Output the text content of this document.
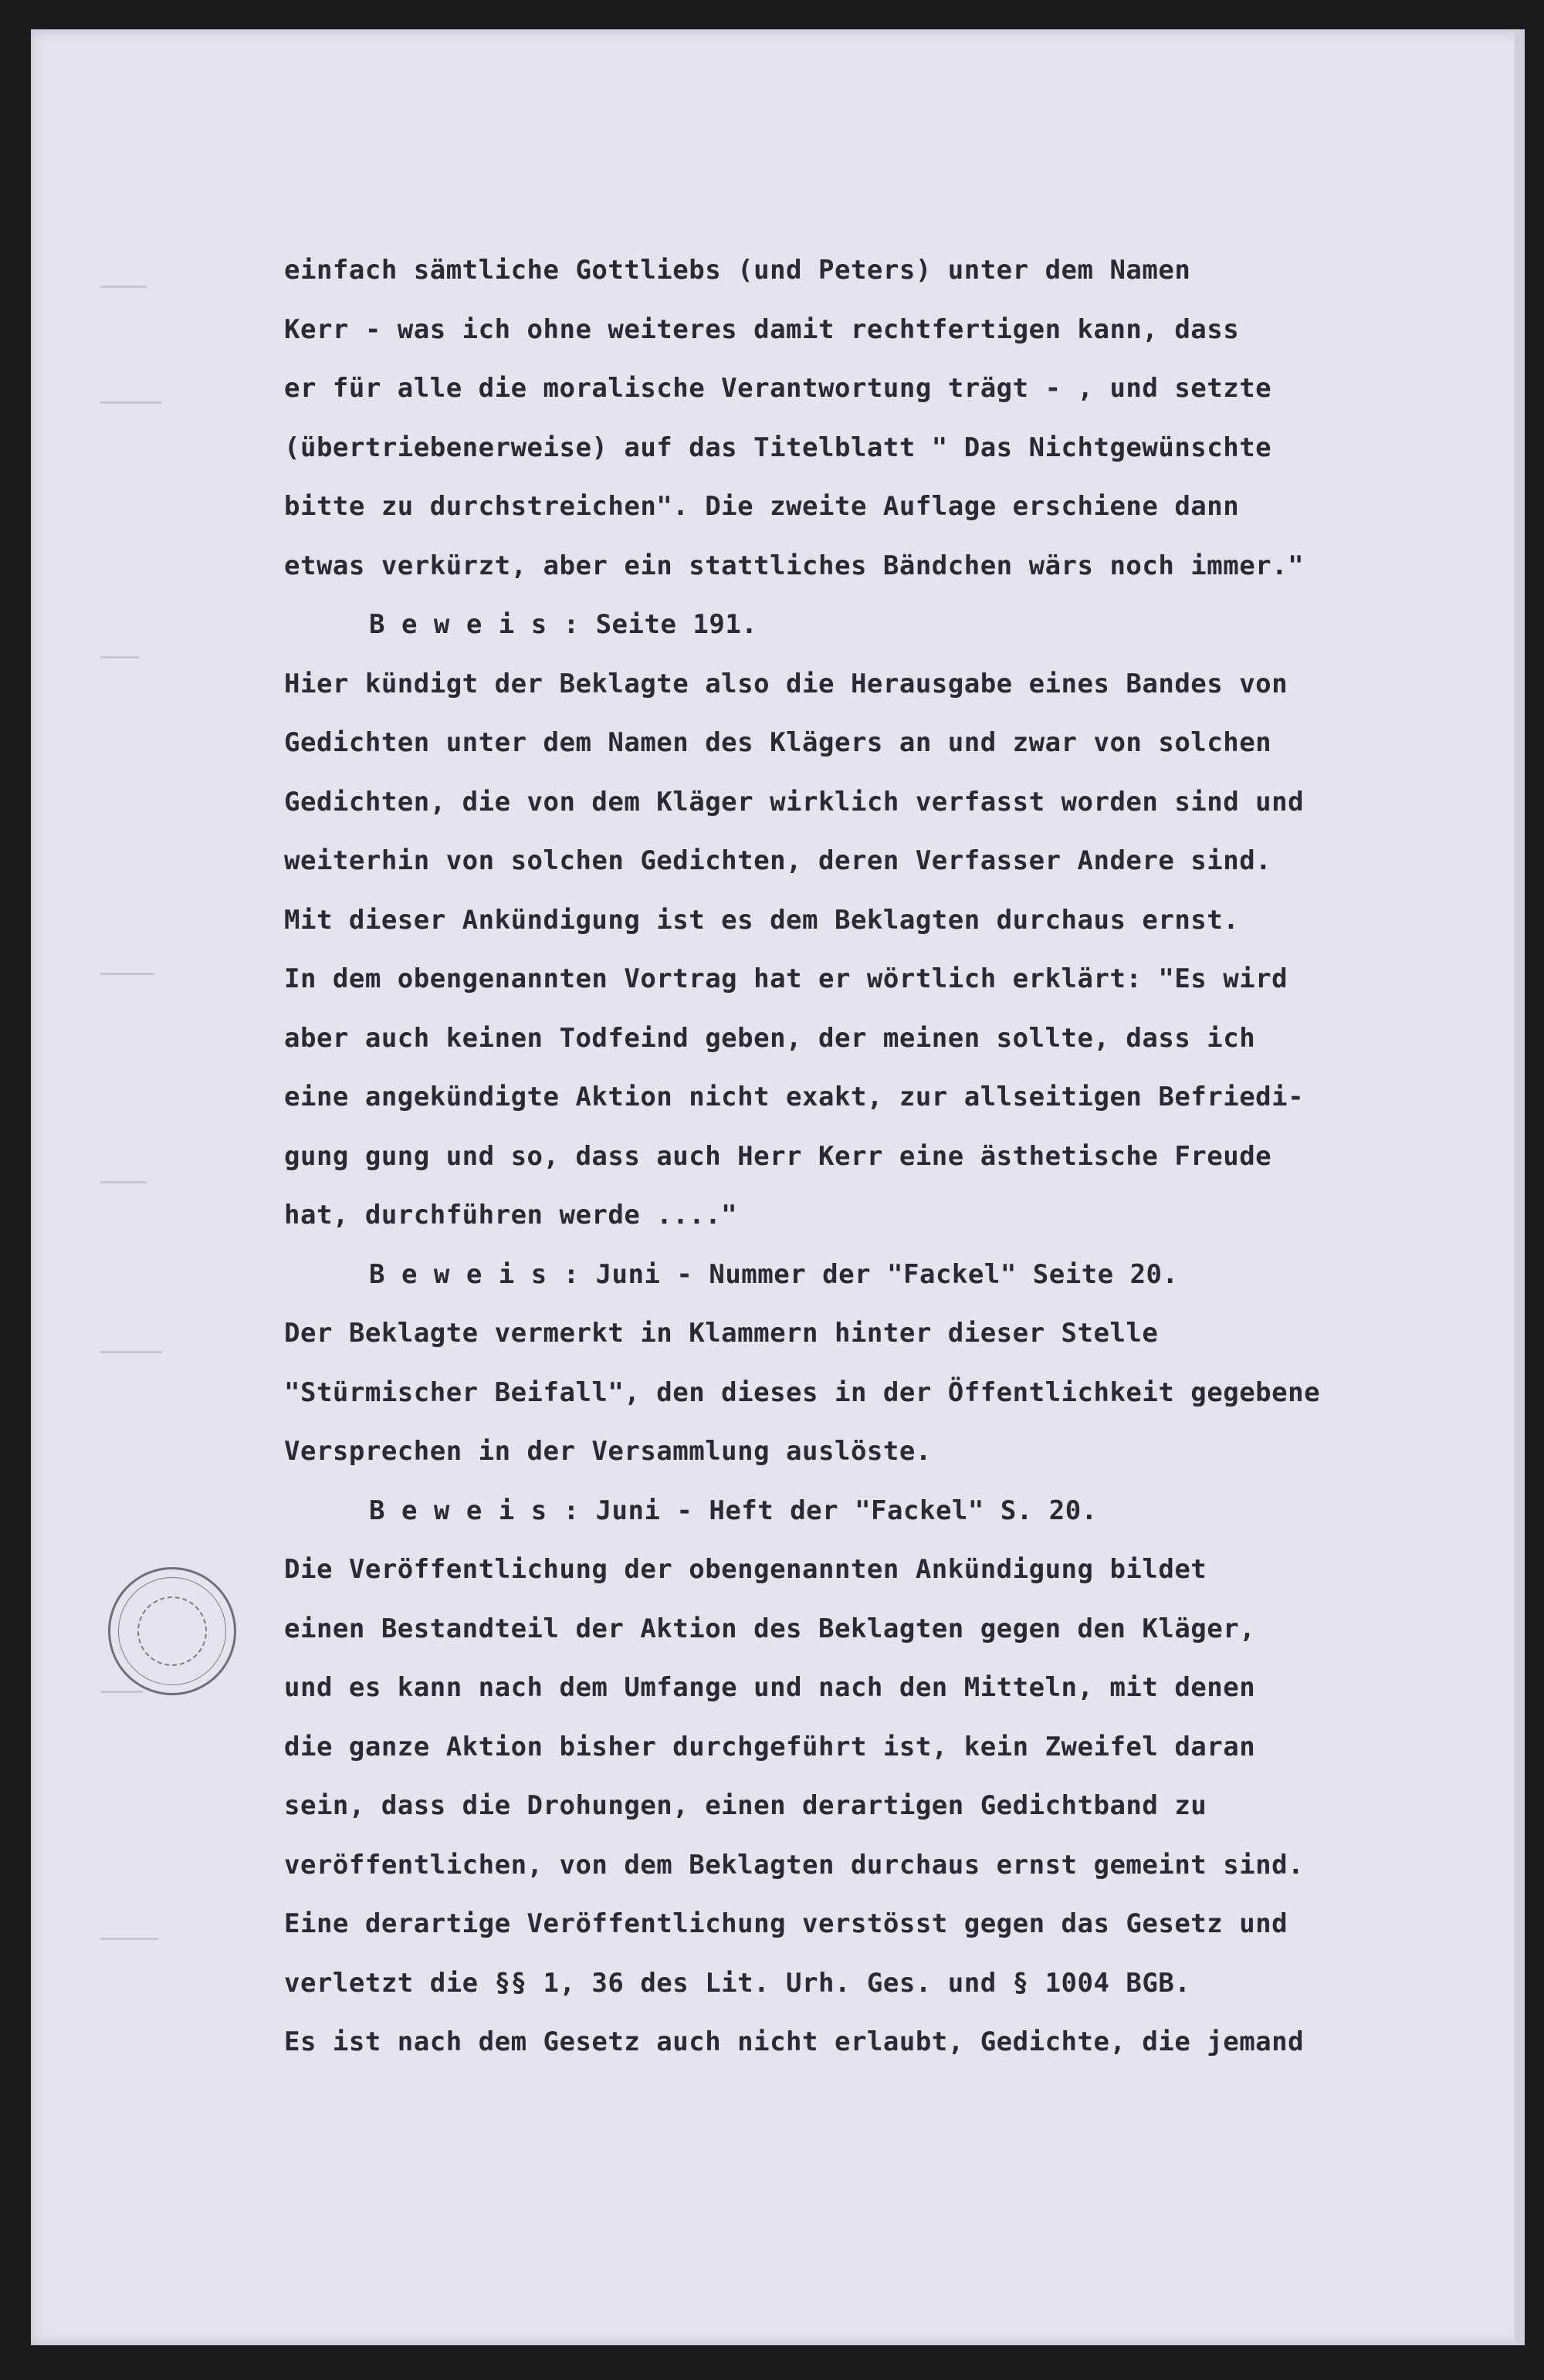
einfach sämtliche Gottliebs (und Peters) unter dem Namen
Kerr - was ich ohne weiteres damit rechtfertigen kann, dass
er für alle die moralische Verantwortung trägt - , und setzte
(übertriebenerweise) auf das Titelblatt " Das Nichtgewünschte
bitte zu durchstreichen". Die zweite Auflage erschiene dann
etwas verkürzt, aber ein stattliches Bändchen wärs noch immer."
B e w e i s : Seite 191.
Hier kündigt der Beklagte also die Herausgabe eines Bandes von
Gedichten unter dem Namen des Klägers an und zwar von solchen
Gedichten, die von dem Kläger wirklich verfasst worden sind und
weiterhin von solchen Gedichten, deren Verfasser Andere sind.
Mit dieser Ankündigung ist es dem Beklagten durchaus ernst.
In dem obengenannten Vortrag hat er wörtlich erklärt: "Es wird
aber auch keinen Todfeind geben, der meinen sollte, dass ich
eine angekündigte Aktion nicht exakt, zur allseitigen Befriedi-
gung gung und so, dass auch Herr Kerr eine ästhetische Freude
hat, durchführen werde ...."
B e w e i s : Juni - Nummer der "Fackel" Seite 20.
Der Beklagte vermerkt in Klammern hinter dieser Stelle
"Stürmischer Beifall", den dieses in der Öffentlichkeit gegebene
Versprechen in der Versammlung auslöste.
B e w e i s : Juni - Heft der "Fackel" S. 20.
Die Veröffentlichung der obengenannten Ankündigung bildet
einen Bestandteil der Aktion des Beklagten gegen den Kläger,
und es kann nach dem Umfange und nach den Mitteln, mit denen
die ganze Aktion bisher durchgeführt ist, kein Zweifel daran
sein, dass die Drohungen, einen derartigen Gedichtband zu
veröffentlichen, von dem Beklagten durchaus ernst gemeint sind.
Eine derartige Veröffentlichung verstösst gegen das Gesetz und
verletzt die §§ 1, 36 des Lit. Urh. Ges. und § 1004 BGB.
Es ist nach dem Gesetz auch nicht erlaubt, Gedichte, die jemand
